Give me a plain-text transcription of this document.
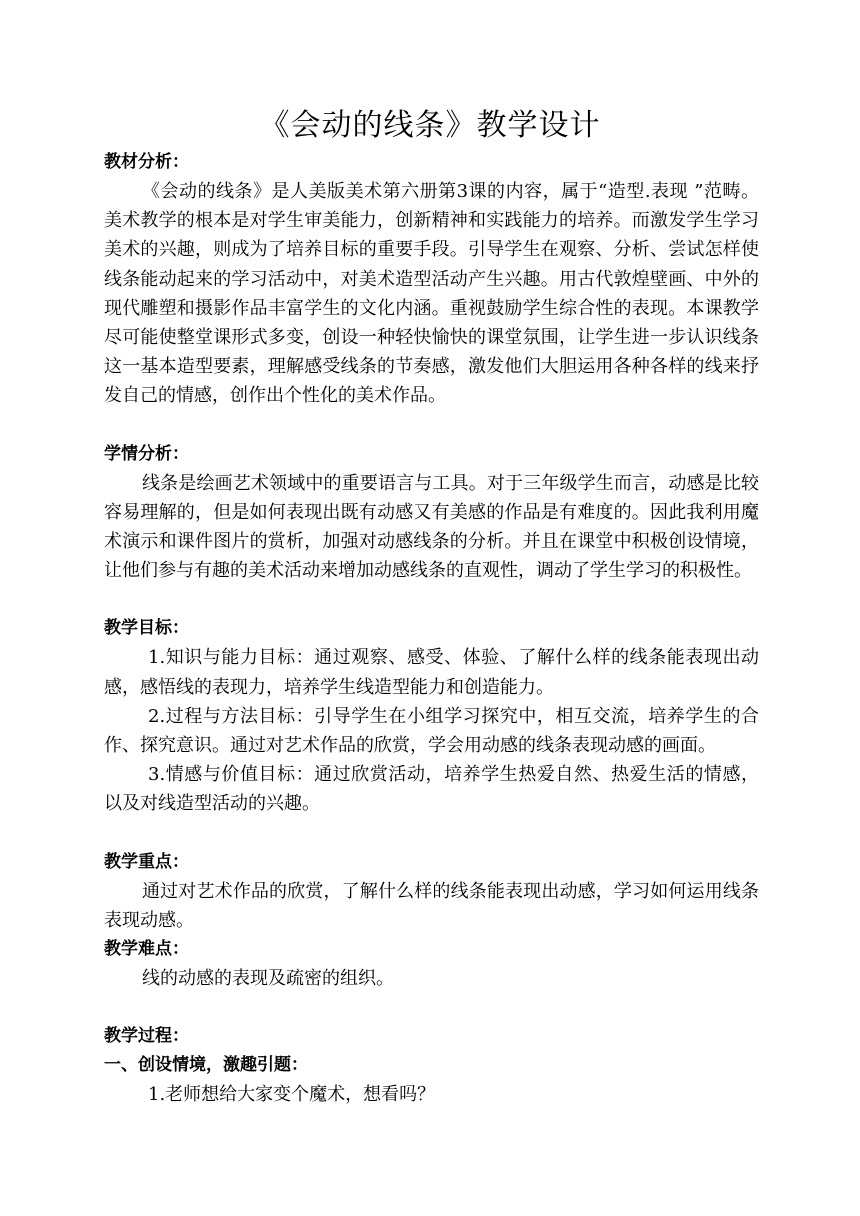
《会动的线条》教学设计
教材分析：

《会动的线条》是人美版美术第六册第3课的内容，属于“造型.表现 ”范畴。美术教学的根本是对学生审美能力，创新精神和实践能力的培养。而激发学生学习美术的兴趣，则成为了培养目标的重要手段。引导学生在观察、分析、尝试怎样使线条能动起来的学习活动中，对美术造型活动产生兴趣。用古代敦煌壁画、中外的现代雕塑和摄影作品丰富学生的文化内涵。重视鼓励学生综合性的表现。本课教学尽可能使整堂课形式多变，创设一种轻快愉快的课堂氛围，让学生进一步认识线条这一基本造型要素，理解感受线条的节奏感，激发他们大胆运用各种各样的线来抒发自己的情感，创作出个性化的美术作品。

学情分析：

线条是绘画艺术领域中的重要语言与工具。对于三年级学生而言，动感是比较容易理解的，但是如何表现出既有动感又有美感的作品是有难度的。因此我利用魔术演示和课件图片的赏析，加强对动感线条的分析。并且在课堂中积极创设情境，让他们参与有趣的美术活动来增加动感线条的直观性，调动了学生学习的积极性。

教学目标：

1.知识与能力目标：通过观察、感受、体验、了解什么样的线条能表现出动感，感悟线的表现力，培养学生线造型能力和创造能力。

2.过程与方法目标：引导学生在小组学习探究中，相互交流，培养学生的合作、探究意识。通过对艺术作品的欣赏，学会用动感的线条表现动感的画面。

3.情感与价值目标：通过欣赏活动，培养学生热爱自然、热爱生活的情感，以及对线造型活动的兴趣。

教学重点：

通过对艺术作品的欣赏，了解什么样的线条能表现出动感，学习如何运用线条表现动感。

教学难点：

线的动感的表现及疏密的组织。

教学过程：
一、创设情境，激趣引题：

1.老师想给大家变个魔术，想看吗？
